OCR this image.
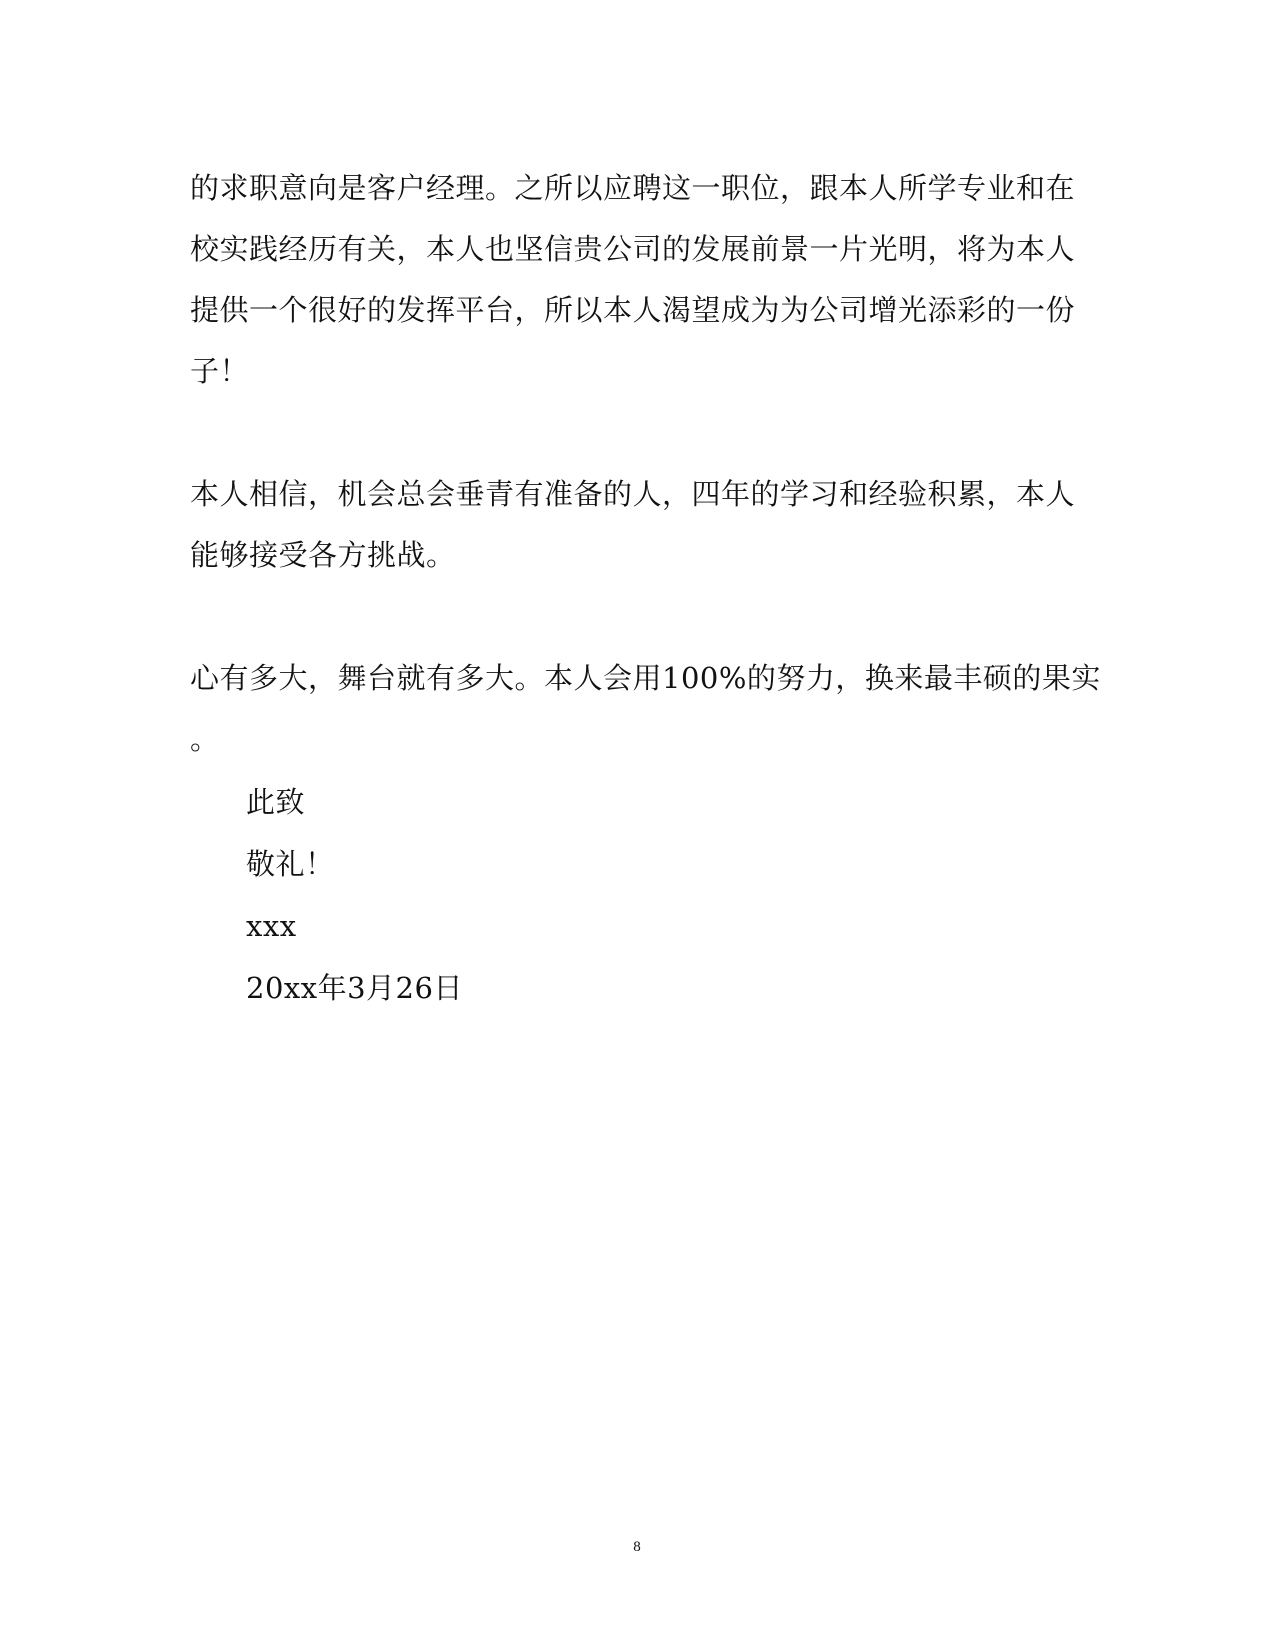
的求职意向是客户经理。之所以应聘这一职位，跟本人所学专业和在
校实践经历有关，本人也坚信贵公司的发展前景一片光明，将为本人
提供一个很好的发挥平台，所以本人渴望成为为公司增光添彩的一份
子！
本人相信，机会总会垂青有准备的人，四年的学习和经验积累，本人
能够接受各方挑战。
心有多大，舞台就有多大。本人会用100%的努力，换来最丰硕的果实
。
此致
敬礼！
xxx
20xx年3月26日
8
